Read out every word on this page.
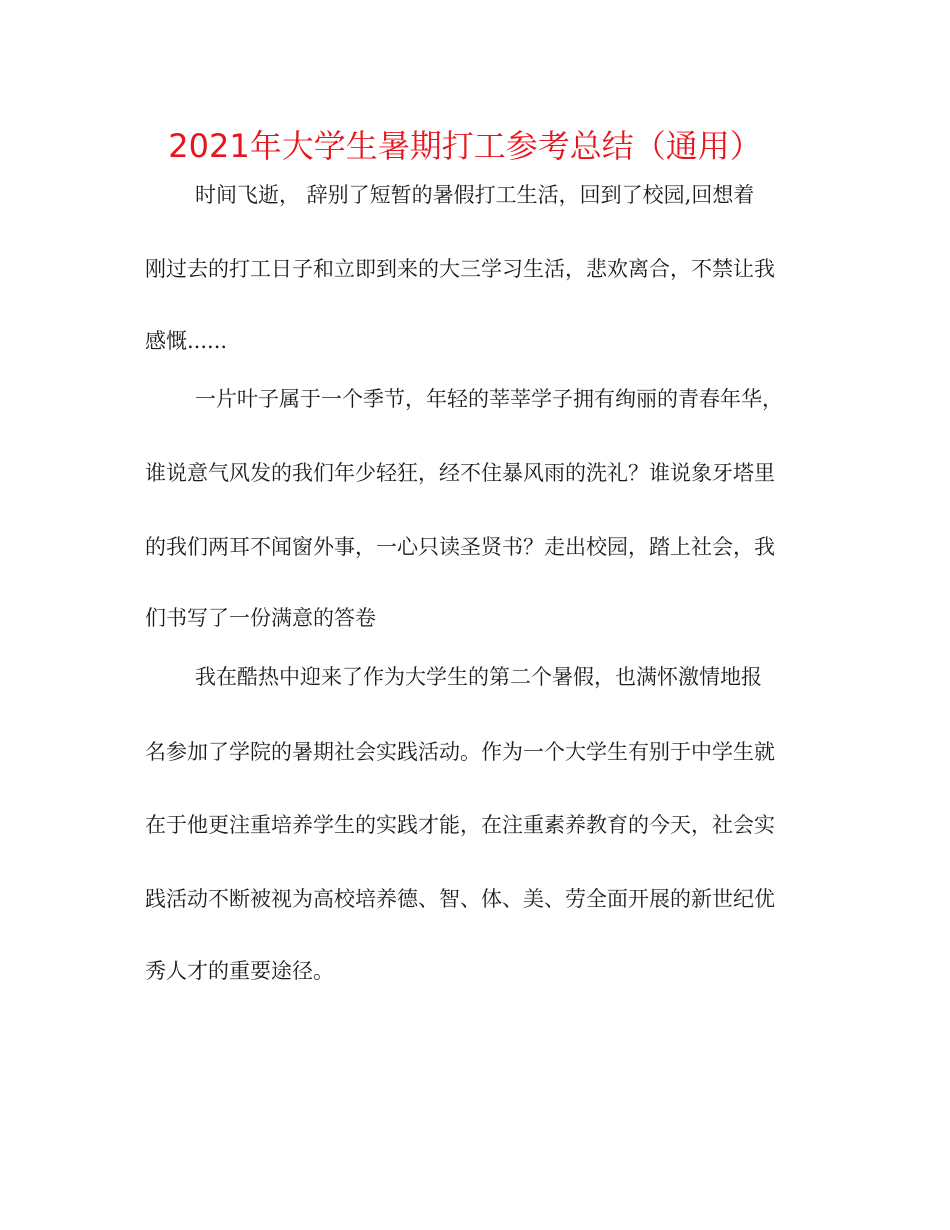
2021年大学生暑期打工参考总结（通用）

时间飞逝， 辞别了短暂的暑假打工生活，回到了校园,回想着

刚过去的打工日子和立即到来的大三学习生活，悲欢离合，不禁让我

感慨......

一片叶子属于一个季节，年轻的莘莘学子拥有绚丽的青春年华，

谁说意气风发的我们年少轻狂，经不住暴风雨的洗礼？谁说象牙塔里

的我们两耳不闻窗外事，一心只读圣贤书？走出校园，踏上社会，我

们书写了一份满意的答卷

我在酷热中迎来了作为大学生的第二个暑假，也满怀激情地报

名参加了学院的暑期社会实践活动。作为一个大学生有别于中学生就

在于他更注重培养学生的实践才能，在注重素养教育的今天，社会实

践活动不断被视为高校培养德、智、体、美、劳全面开展的新世纪优

秀人才的重要途径。
